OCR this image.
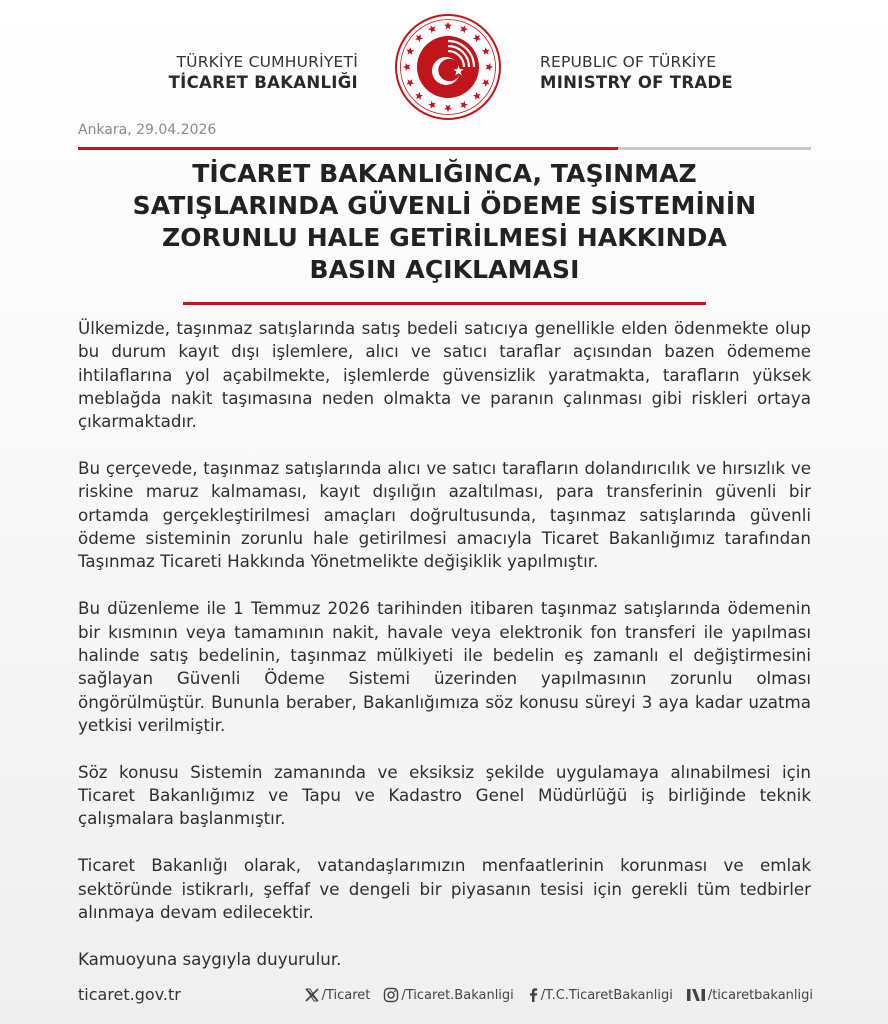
TÜRKİYE CUMHURİYETİ
TİCARET BAKANLIĞI
REPUBLIC OF TÜRKİYE
MINISTRY OF TRADE
Ankara, 29.04.2026
TİCARET BAKANLIĞINCA, TAŞINMAZ
SATIŞLARINDA GÜVENLİ ÖDEME SİSTEMİNİN
ZORUNLU HALE GETİRİLMESİ HAKKINDA
BASIN AÇIKLAMASI

Ülkemizde, taşınmaz satışlarında satış bedeli satıcıya genellikle elden ödenmekte olup bu durum kayıt dışı işlemlere, alıcı ve satıcı taraflar açısından bazen ödememe ihtilaflarına yol açabilmekte, işlemlerde güvensizlik yaratmakta, tarafların yüksek meblağda nakit taşımasına neden olmakta ve paranın çalınması gibi riskleri ortaya çıkarmaktadır.

Bu çerçevede, taşınmaz satışlarında alıcı ve satıcı tarafların dolandırıcılık ve hırsızlık ve riskine maruz kalmaması, kayıt dışılığın azaltılması, para transferinin güvenli bir ortamda gerçekleştirilmesi amaçları doğrultusunda, taşınmaz satışlarında güvenli ödeme sisteminin zorunlu hale getirilmesi amacıyla Ticaret Bakanlığımız tarafından Taşınmaz Ticareti Hakkında Yönetmelikte değişiklik yapılmıştır.

Bu düzenleme ile 1 Temmuz 2026 tarihinden itibaren taşınmaz satışlarında ödemenin bir kısmının veya tamamının nakit, havale veya elektronik fon transferi ile yapılması halinde satış bedelinin, taşınmaz mülkiyeti ile bedelin eş zamanlı el değiştirmesini sağlayan Güvenli Ödeme Sistemi üzerinden yapılmasının zorunlu olması öngörülmüştür. Bununla beraber, Bakanlığımıza söz konusu süreyi 3 aya kadar uzatma yetkisi verilmiştir.

Söz konusu Sistemin zamanında ve eksiksiz şekilde uygulamaya alınabilmesi için Ticaret Bakanlığımız ve Tapu ve Kadastro Genel Müdürlüğü iş birliğinde teknik çalışmalara başlanmıştır.

Ticaret Bakanlığı olarak, vatandaşlarımızın menfaatlerinin korunması ve emlak sektöründe istikrarlı, şeffaf ve dengeli bir piyasanın tesisi için gerekli tüm tedbirler alınmaya devam edilecektir.

Kamuoyuna saygıyla duyurulur.

ticaret.gov.tr	/Ticaret /Ticaret.Bakanligi /T.C.TicaretBakanligi	/ticaretbakanligi
